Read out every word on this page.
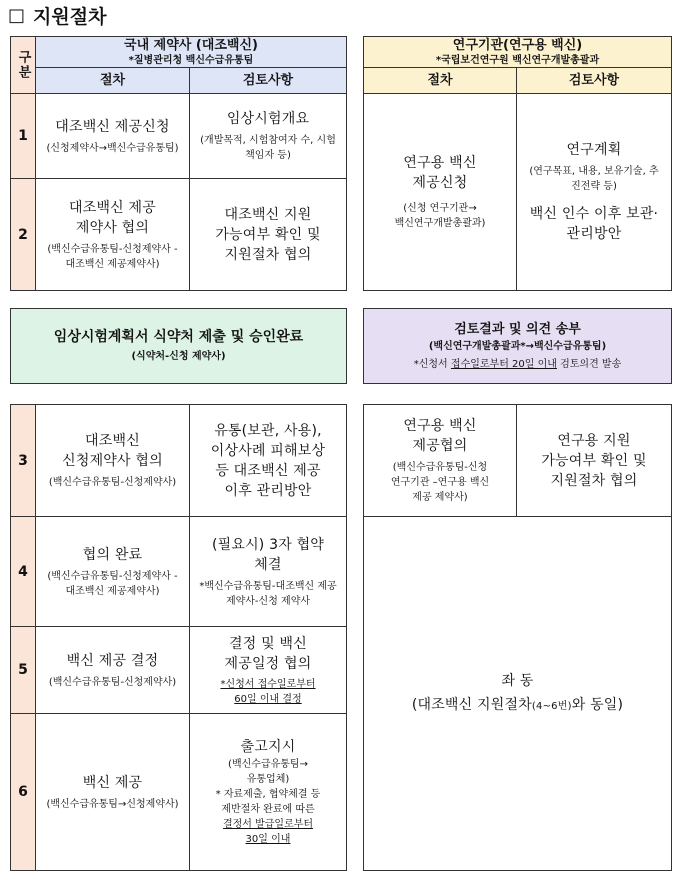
□ 지원절차
구분
국내 제약사 (대조백신)
*질병관리청 백신수급유통팀
절차	검토사항
1
대조백신 제공신청
(신청제약사→백신수급유통팀)
임상시험개요
(개발목적, 시험참여자 수, 시험책임자 등)
2
대조백신 제공
제약사 협의
(백신수급유통팀-신청제약사 -대조백신 제공제약사)
대조백신 지원
가능여부 확인 및
지원절차 협의
연구기관(연구용 백신)
*국립보건연구원 백신연구개발총괄과
절차	검토사항
연구용 백신
제공신청
(신청 연구기관→
백신연구개발총괄과)
연구계획
(연구목표, 내용, 보유기술, 추진전략 등)
백신 인수 이후 보관·
관리방안
임상시험계획서 식약처 제출 및 승인완료
(식약처-신청 제약사)
검토결과 및 의견 송부
(백신연구개발총괄과*→백신수급유통팀)
*신청서 접수일로부터 20일 이내 검토의견 발송
3
대조백신
신청제약사 협의
(백신수급유통팀-신청제약사)
유통(보관, 사용),
이상사례 피해보상
등 대조백신 제공
이후 관리방안
4
협의 완료
(백신수급유통팀-신청제약사 -대조백신 제공제약사)
(필요시) 3자 협약
체결
*백신수급유통팀-대조백신 제공 제약사-신청 제약사
5
백신 제공 결정
(백신수급유통팀-신청제약사)
결정 및 백신
제공일정 협의
*신청서 접수일로부터
60일 이내 결정
6
백신 제공
(백신수급유통팀→신청제약사)
출고지시
(백신수급유통팀→
유통업체)
* 자료제출, 협약체결 등
제반절차 완료에 따른
결정서 발급일로부터
30일 이내
연구용 백신
제공협의
(백신수급유통팀-신청
연구기관 –연구용 백신
제공 제약사)
연구용 지원
가능여부 확인 및
지원절차 협의
좌 동
(대조백신 지원절차(4~6번)와 동일)
